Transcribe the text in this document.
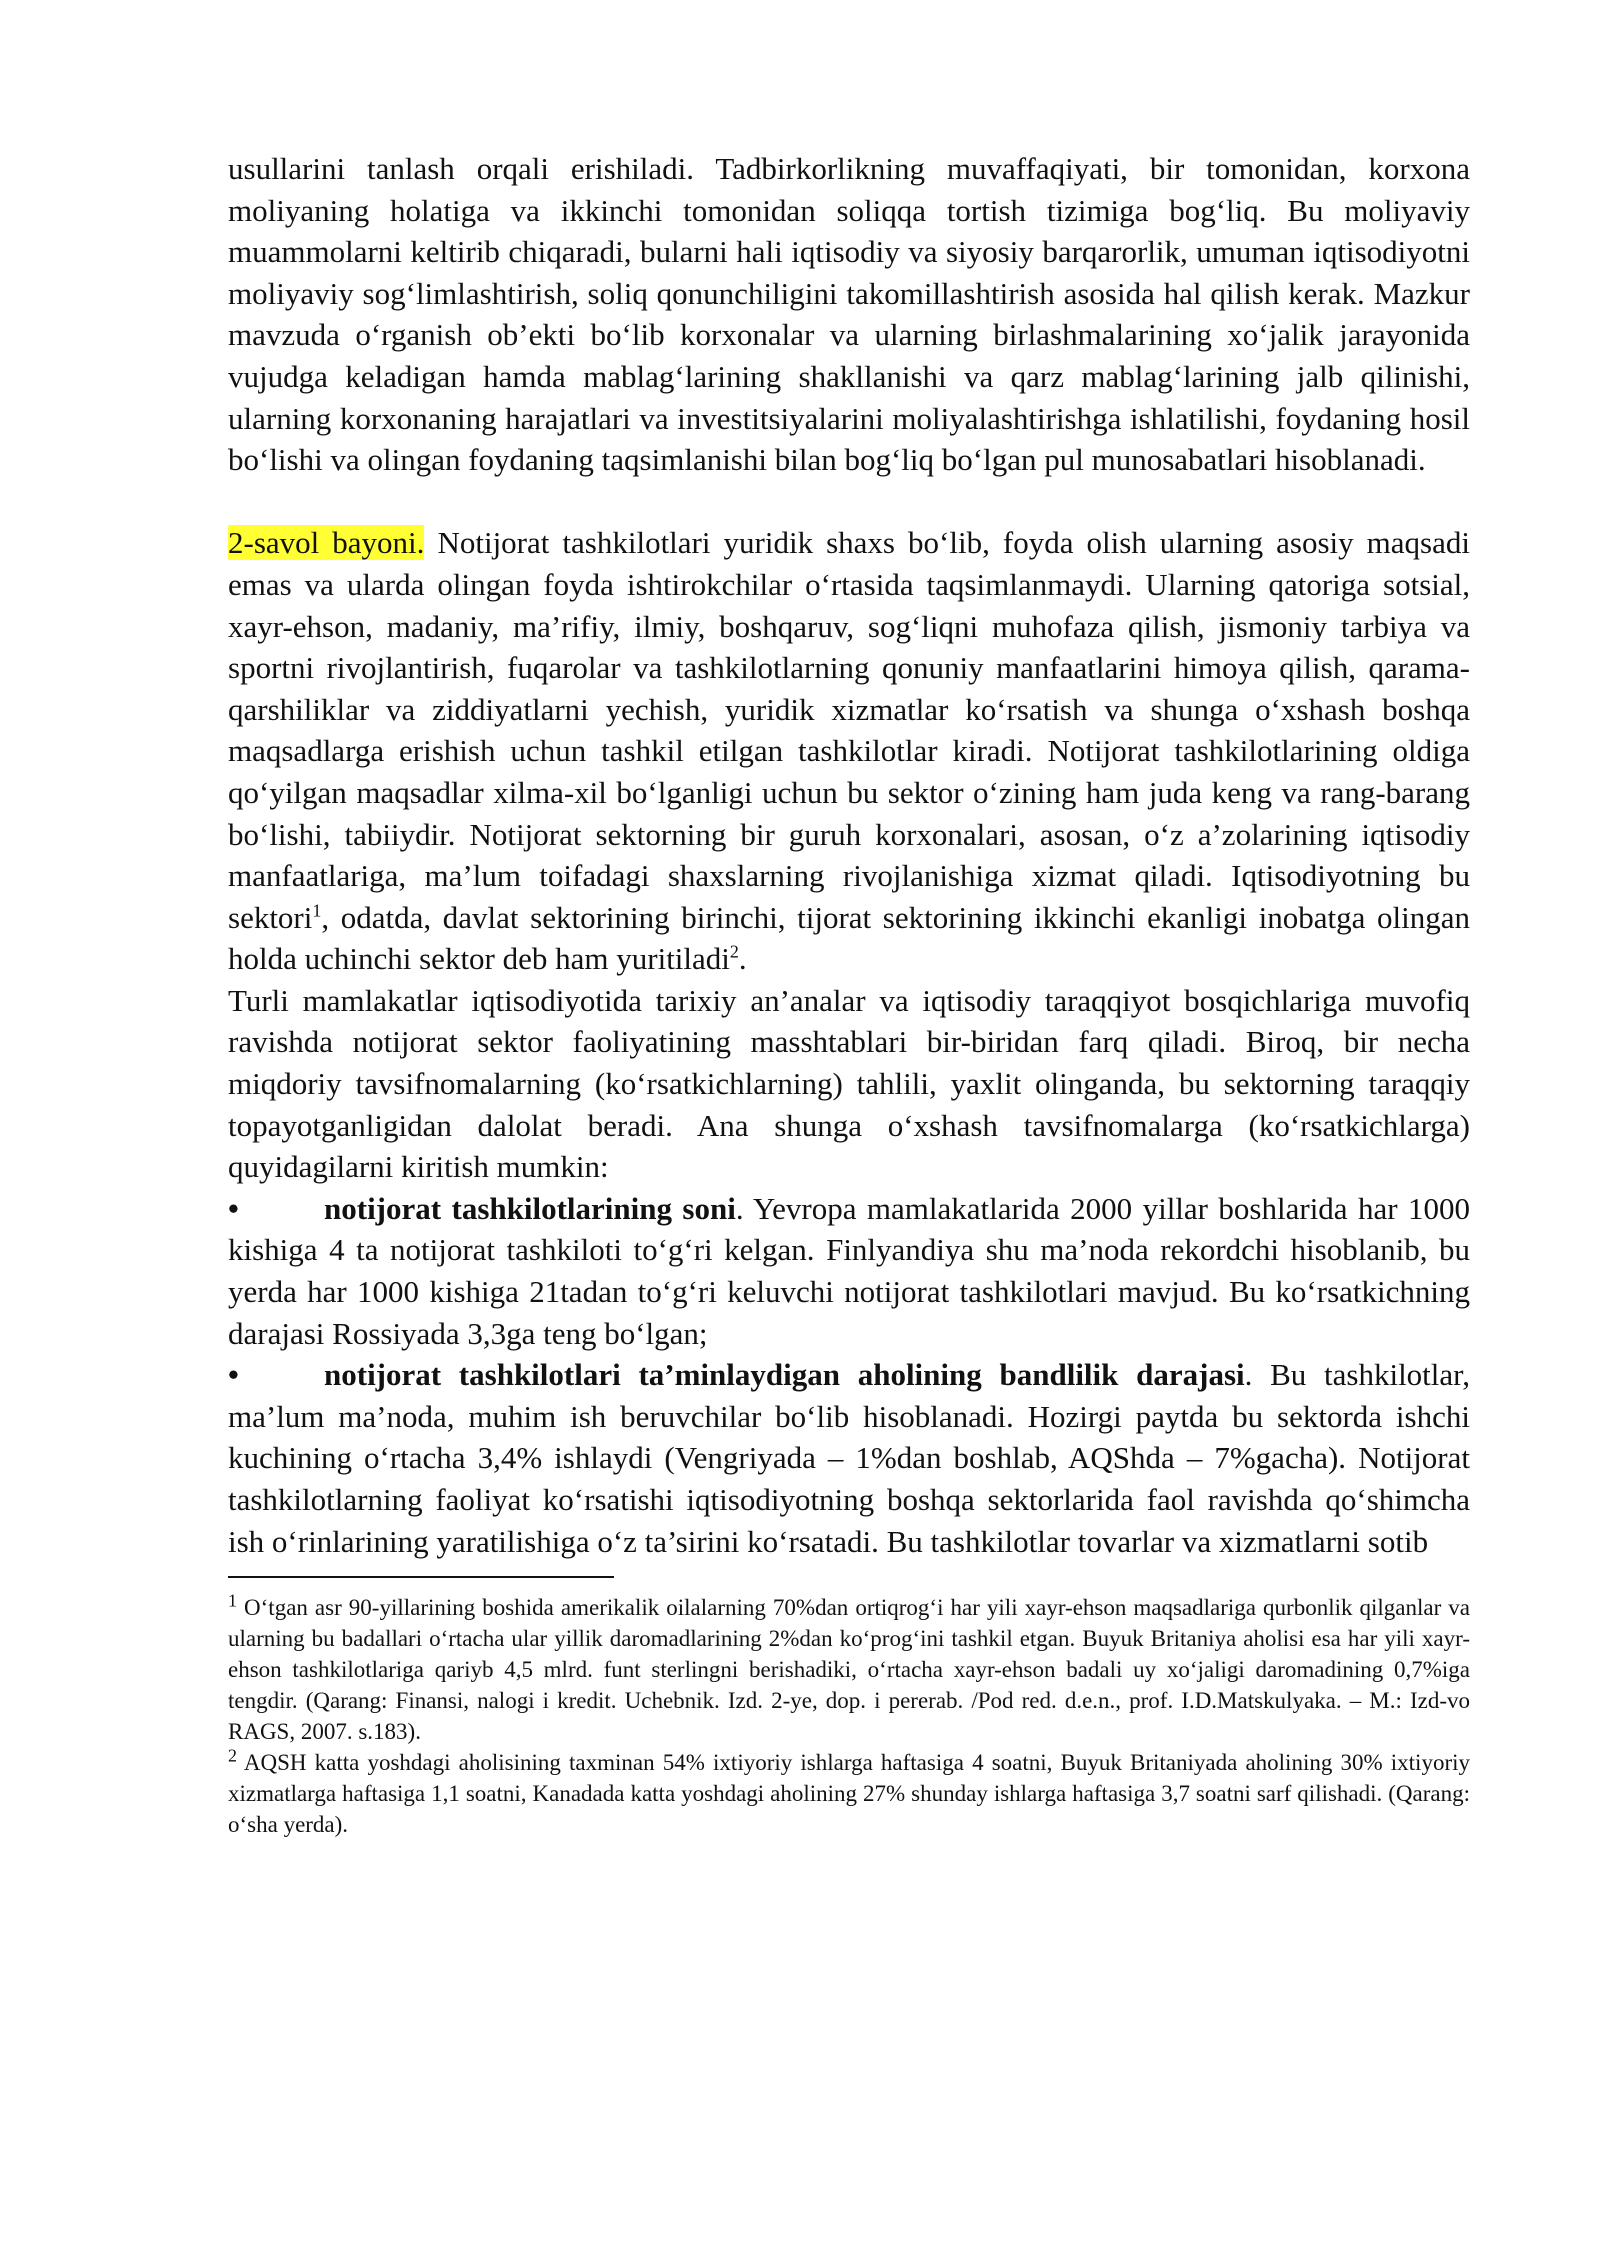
usullarini tanlash orqali erishiladi. Tadbirkorlikning muvaffaqiyati, bir tomonidan, korxona moliyaning holatiga va ikkinchi tomonidan soliqqa tortish tizimiga bog‘liq. Bu moliyaviy muammolarni keltirib chiqaradi, bularni hali iqtisodiy va siyosiy barqarorlik, umuman iqtisodiyotni moliyaviy sog‘limlashtirish, soliq qonunchiligini takomillashtirish asosida hal qilish kerak. Mazkur mavzuda o‘rganish ob’ekti bo‘lib korxonalar va ularning birlashmalarining xo‘jalik jarayonida vujudga keladigan hamda mablag‘larining shakllanishi va qarz mablag‘larining jalb qilinishi, ularning korxonaning harajatlari va investitsiyalarini moliyalashtirishga ishlatilishi, foydaning hosil bo‘lishi va olingan foydaning taqsimlanishi bilan bog‘liq bo‘lgan pul munosabatlari hisoblanadi.

2-savol bayoni. Notijorat tashkilotlari yuridik shaxs bo‘lib, foyda olish ularning asosiy maqsadi emas va ularda olingan foyda ishtirokchilar o‘rtasida taqsimlanmaydi. Ularning qatoriga sotsial, xayr-ehson, madaniy, ma’rifiy, ilmiy, boshqaruv, sog‘liqni muhofaza qilish, jismoniy tarbiya va sportni rivojlantirish, fuqarolar va tashkilotlarning qonuniy manfaatlarini himoya qilish, qarama-qarshiliklar va ziddiyatlarni yechish, yuridik xizmatlar ko‘rsatish va shunga o‘xshash boshqa maqsadlarga erishish uchun tashkil etilgan tashkilotlar kiradi. Notijorat tashkilotlarining oldiga qo‘yilgan maqsadlar xilma-xil bo‘lganligi uchun bu sektor o‘zining ham juda keng va rang-barang bo‘lishi, tabiiydir. Notijorat sektorning bir guruh korxonalari, asosan, o‘z a’zolarining iqtisodiy manfaatlariga, ma’lum toifadagi shaxslarning rivojlanishiga xizmat qiladi. Iqtisodiyotning bu sektori$^1$, odatda, davlat sektorining birinchi, tijorat sektorining ikkinchi ekanligi inobatga olingan holda uchinchi sektor deb ham yuritiladi$^2$.

Turli mamlakatlar iqtisodiyotida tarixiy an’analar va iqtisodiy taraqqiyot bosqichlariga muvofiq ravishda notijorat sektor faoliyatining masshtablari bir-biridan farq qiladi. Biroq, bir necha miqdoriy tavsifnomalarning (ko‘rsatkichlarning) tahlili, yaxlit olinganda, bu sektorning taraqqiy topayotganligidan dalolat beradi. Ana shunga o‘xshash tavsifnomalarga (ko‘rsatkichlarga) quyidagilarni kiritish mumkin:

•	notijorat tashkilotlarining soni. Yevropa mamlakatlarida 2000 yillar boshlarida har 1000 kishiga 4 ta notijorat tashkiloti to‘g‘ri kelgan. Finlyandiya shu ma’noda rekordchi hisoblanib, bu yerda har 1000 kishiga 21tadan to‘g‘ri keluvchi notijorat tashkilotlari mavjud. Bu ko‘rsatkichning darajasi Rossiyada 3,3ga teng bo‘lgan;

•	notijorat tashkilotlari ta’minlaydigan aholining bandlilik darajasi. Bu tashkilotlar, ma’lum ma’noda, muhim ish beruvchilar bo‘lib hisoblanadi. Hozirgi paytda bu sektorda ishchi kuchining o‘rtacha 3,4% ishlaydi (Vengriyada – 1%dan boshlab, AQShda – 7%gacha). Notijorat tashkilotlarning faoliyat ko‘rsatishi iqtisodiyotning boshqa sektorlarida faol ravishda qo‘shimcha ish o‘rinlarining yaratilishiga o‘z ta’sirini ko‘rsatadi. Bu tashkilotlar tovarlar va xizmatlarni sotib

$^1$ O‘tgan asr 90-yillarining boshida amerikalik oilalarning 70%dan ortiqrog‘i har yili xayr-ehson maqsadlariga qurbonlik qilganlar va ularning bu badallari o‘rtacha ular yillik daromadlarining 2%dan ko‘prog‘ini tashkil etgan. Buyuk Britaniya aholisi esa har yili xayr-ehson tashkilotlariga qariyb 4,5 mlrd. funt sterlingni berishadiki, o‘rtacha xayr-ehson badali uy xo‘jaligi daromadining 0,7%iga tengdir. (Qarang: Finansi, nalogi i kredit. Uchebnik. Izd. 2-ye, dop. i pererab. /Pod red. d.e.n., prof. I.D.Matskulyaka. – M.: Izd-vo RAGS, 2007. s.183).

$^2$ AQSH katta yoshdagi aholisining taxminan 54% ixtiyoriy ishlarga haftasiga 4 soatni, Buyuk Britaniyada aholining 30% ixtiyoriy xizmatlarga haftasiga 1,1 soatni, Kanadada katta yoshdagi aholining 27% shunday ishlarga haftasiga 3,7 soatni sarf qilishadi. (Qarang: o‘sha yerda).
